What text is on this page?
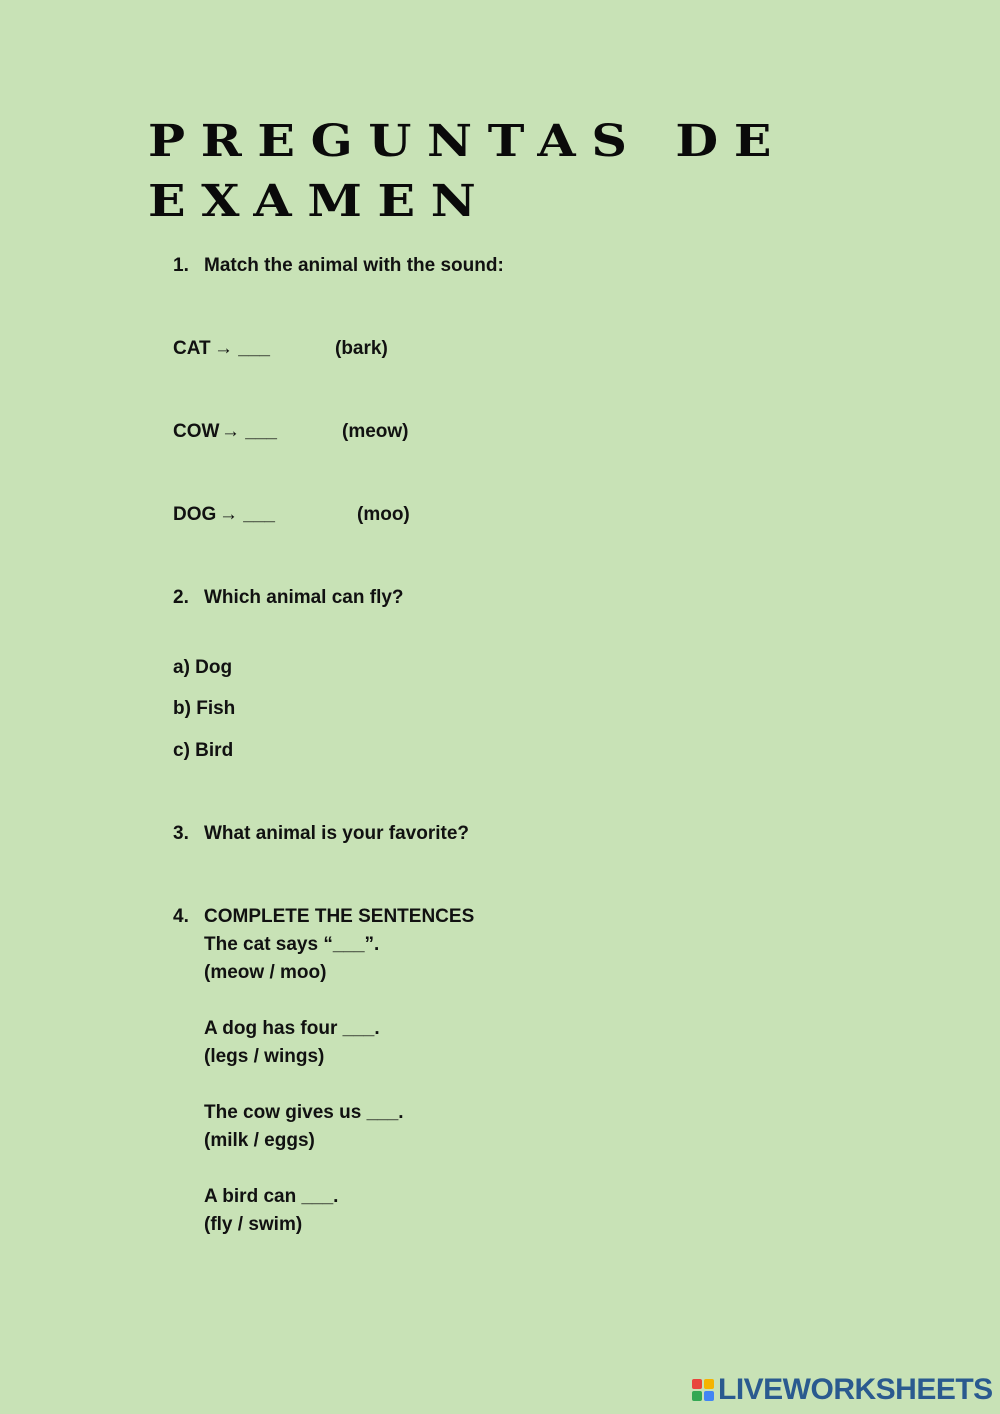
PREGUNTAS DE EXAMEN
1. Match the animal with the sound:
CAT → ___	(bark)
COW → ___	(meow)
DOG → ___	(moo)
2. Which animal can fly?
a) Dog
b) Fish
c) Bird
3. What animal is your favorite?
4. COMPLETE THE SENTENCES
The cat says “___”.
(meow / moo)
A dog has four ___.
(legs / wings)
The cow gives us ___.
(milk / eggs)
A bird can ___.
(fly / swim)
LIVEWORKSHEETS
